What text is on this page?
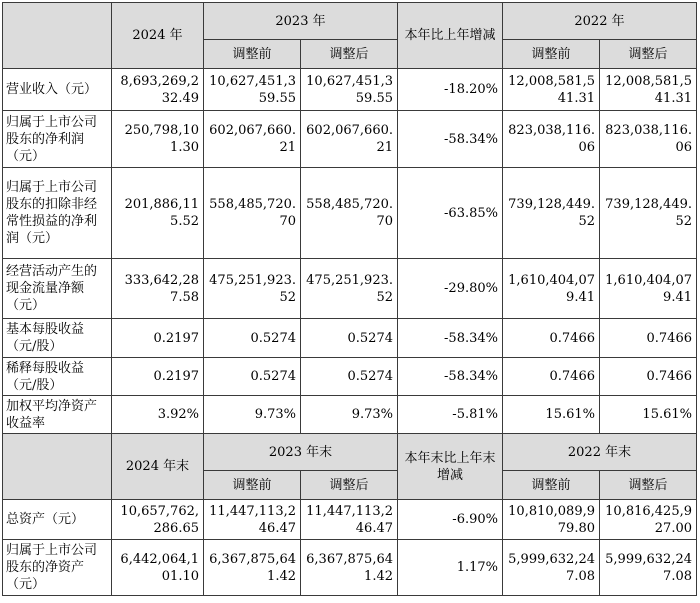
	2024 年	2023 年		本年比上年增减	2022 年	
		调整前	调整后		调整前	调整后
营业收入（元）	8,693,269,232.49	10,627,451,359.55	10,627,451,359.55	-18.20%	12,008,581,541.31	12,008,581,541.31
归属于上市公司股东的净利润（元）	250,798,101.30	602,067,660.21	602,067,660.21	-58.34%	823,038,116.06	823,038,116.06
归属于上市公司股东的扣除非经常性损益的净利润（元）	201,886,115.52	558,485,720.70	558,485,720.70	-63.85%	739,128,449.52	739,128,449.52
经营活动产生的现金流量净额（元）	333,642,287.58	475,251,923.52	475,251,923.52	-29.80%	1,610,404,079.41	1,610,404,079.41
基本每股收益（元/股）	0.2197	0.5274	0.5274	-58.34%	0.7466	0.7466
稀释每股收益（元/股）	0.2197	0.5274	0.5274	-58.34%	0.7466	0.7466
加权平均净资产收益率	3.92%	9.73%	9.73%	-5.81%	15.61%	15.61%
	2024 年末	2023 年末		本年末比上年末增减	2022 年末	
		调整前	调整后		调整前	调整后
总资产（元）	10,657,762,286.65	11,447,113,246.47	11,447,113,246.47	-6.90%	10,810,089,979.80	10,816,425,927.00
归属于上市公司股东的净资产（元）	6,442,064,101.10	6,367,875,641.42	6,367,875,641.42	1.17%	5,999,632,247.08	5,999,632,247.08
